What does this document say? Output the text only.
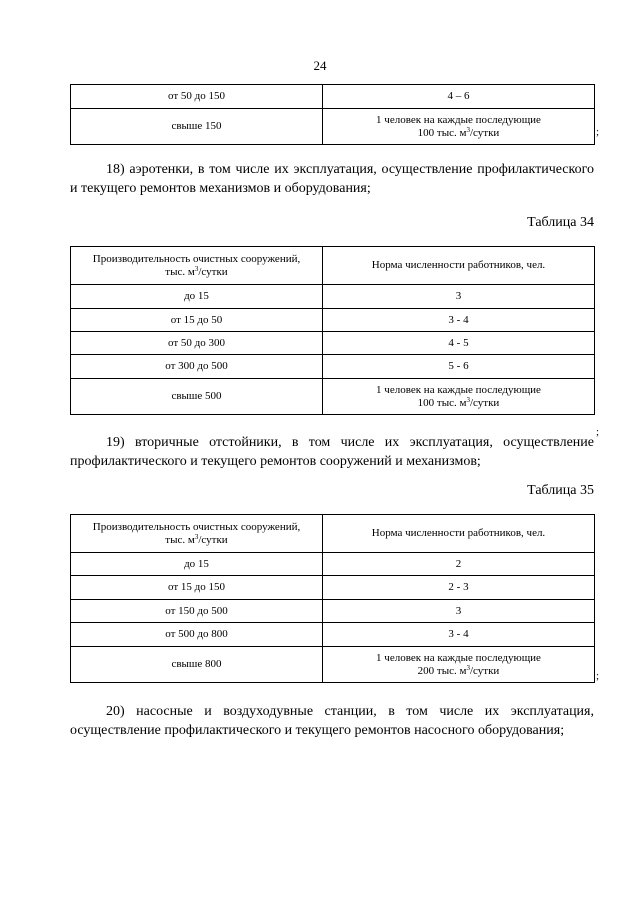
24
от 50 до 150	4 – 6
свыше 150	1 человек на каждые последующие
100 тыс. $м^3$/сутки	;

18) аэротенки, в том числе их эксплуатация, осуществление профилактического и текущего ремонтов механизмов и оборудования;

Таблица 34
Производительность очистных сооружений,
тыс. $м^3$/сутки	Норма численности работников, чел.
до 15	3
от 15 до 50	3 - 4
от 50 до 300	4 - 5
от 300 до 500	5 - 6
свыше 500	1 человек на каждые последующие
100 тыс. $м^3$/сутки
;

19) вторичные отстойники, в том числе их эксплуатация, осуществление профилактического и текущего ремонтов сооружений и механизмов;

Таблица 35
Производительность очистных сооружений,
тыс. $м^3$/сутки	Норма численности работников, чел.
до 15	2
от 15 до 150	2 - 3
от 150 до 500	3
от 500 до 800	3 - 4
свыше 800	1 человек на каждые последующие
200 тыс. $м^3$/сутки	;

20) насосные и воздуходувные станции, в том числе их эксплуатация, осуществление профилактического и текущего ремонтов насосного оборудования;
